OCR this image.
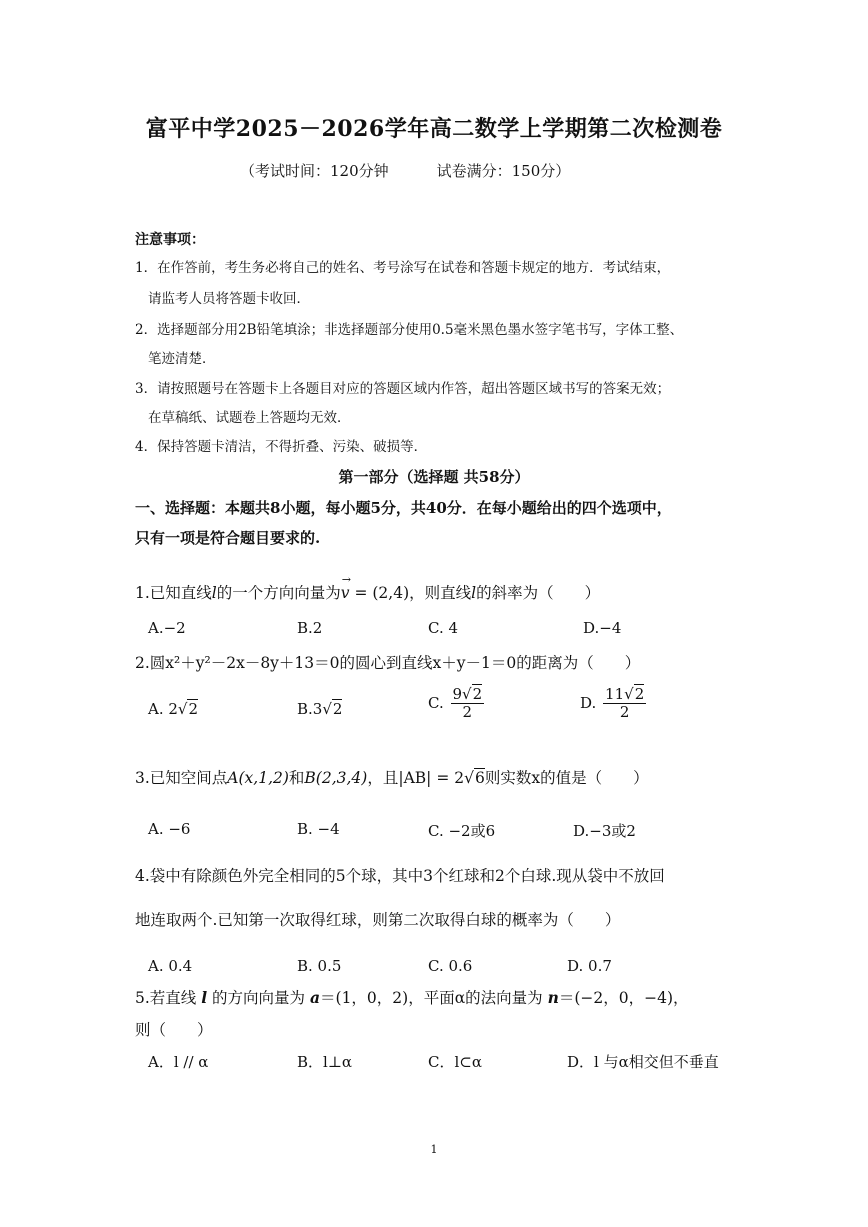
富平中学2025－2026学年高二数学上学期第二次检测卷
（考试时间：120分钟	试卷满分：150分）
注意事项：
1．在作答前，考生务必将自己的姓名、考号涂写在试卷和答题卡规定的地方．考试结束，
请监考人员将答题卡收回．
2．选择题部分用2B铅笔填涂；非选择题部分使用0.5毫米黑色墨水签字笔书写，字体工整、
笔迹清楚．
3．请按照题号在答题卡上各题目对应的答题区域内作答，超出答题区域书写的答案无效；
在草稿纸、试题卷上答题均无效．
4．保持答题卡清洁，不得折叠、污染、破损等．
第一部分（选择题 共58分）
一、选择题：本题共8小题，每小题5分，共40分．在每小题给出的四个选项中，
只有一项是符合题目要求的.
1.已知直线l的一个方向向量为
→
v = (2,4)，则直线l的斜率为（　　）
A.−2	B.2	C. 4	D.−4
2.圆x²＋y²－2x－8y＋13＝0的圆心到直线x＋y－1＝0的距离为（　　）
A. 2√2	B.3√2	C. $\frac{9√2}{2}$	D. $\frac{11√2}{2}$
3.已知空间点A(x,1,2)和B(2,3,4)，且|AB| = 2√6则实数x的值是（　　）
A. −6	B. −4	C. −2或6	D.−3或2
4.袋中有除颜色外完全相同的5个球，其中3个红球和2个白球.现从袋中不放回
地连取两个.已知第一次取得红球，则第二次取得白球的概率为（　　）
A. 0.4	B. 0.5	C. 0.6	D. 0.7
5.若直线 l 的方向向量为 a＝(1，0，2)，平面α的法向量为 n＝(−2，0，−4)，
则（　　）
A．l // α	B．l⊥α	C．l⊂α	D．l 与α相交但不垂直
1
